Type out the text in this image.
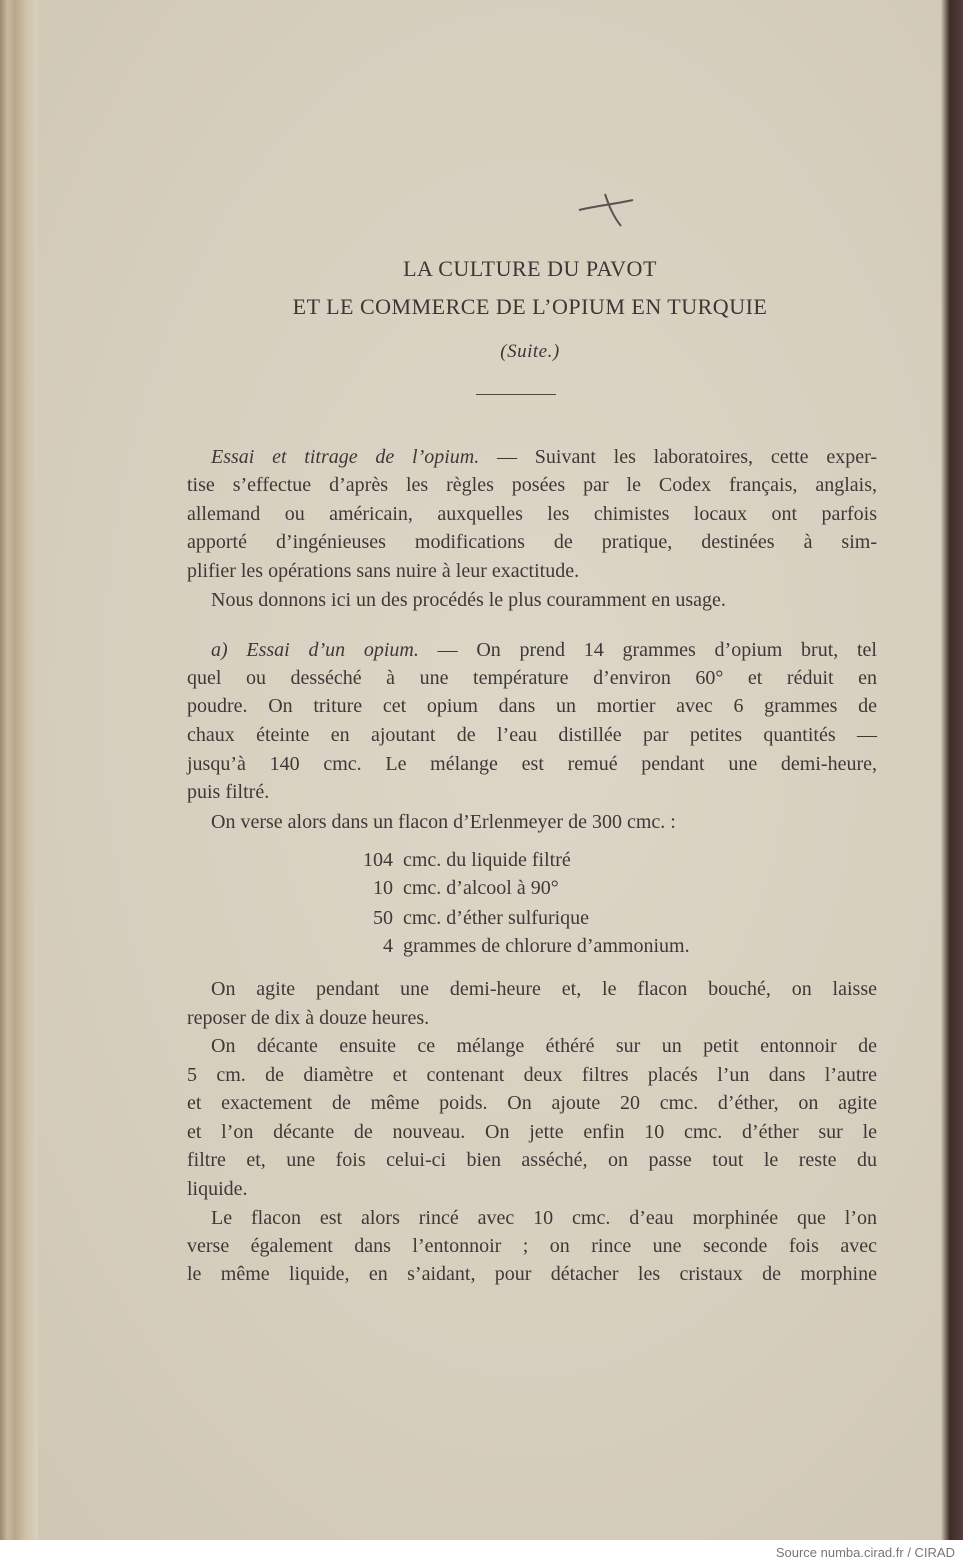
LA CULTURE DU PAVOT
ET LE COMMERCE DE L’OPIUM EN TURQUIE
(Suite.)
Essai et titrage de l’opium. — Suivant les laboratoires, cette exper-
tise s’effectue d’après les règles posées par le Codex français, anglais,
allemand ou américain, auxquelles les chimistes locaux ont parfois
apporté d’ingénieuses modifications de pratique, destinées à sim-
plifier les opérations sans nuire à leur exactitude.
Nous donnons ici un des procédés le plus couramment en usage.
a) Essai d’un opium. — On prend 14 grammes d’opium brut, tel
quel ou desséché à une température d’environ 60° et réduit en
poudre. On triture cet opium dans un mortier avec 6 grammes de
chaux éteinte en ajoutant de l’eau distillée par petites quantités —
jusqu’à 140 cmc. Le mélange est remué pendant une demi-heure,
puis filtré.
On verse alors dans un flacon d’Erlenmeyer de 300 cmc. :
On agite pendant une demi-heure et, le flacon bouché, on laisse
reposer de dix à douze heures.
On décante ensuite ce mélange éthéré sur un petit entonnoir de
5 cm. de diamètre et contenant deux filtres placés l’un dans l’autre
et exactement de même poids. On ajoute 20 cmc. d’éther, on agite
et l’on décante de nouveau. On jette enfin 10 cmc. d’éther sur le
filtre et, une fois celui-ci bien asséché, on passe tout le reste du
liquide.
Le flacon est alors rincé avec 10 cmc. d’eau morphinée que l’on
verse également dans l’entonnoir ; on rince une seconde fois avec
le même liquide, en s’aidant, pour détacher les cristaux de morphine
104 cmc. du liquide filtré
10 cmc. d’alcool à 90°
50 cmc. d’éther sulfurique
4 grammes de chlorure d’ammonium.
Source numba.cirad.fr / CIRAD
